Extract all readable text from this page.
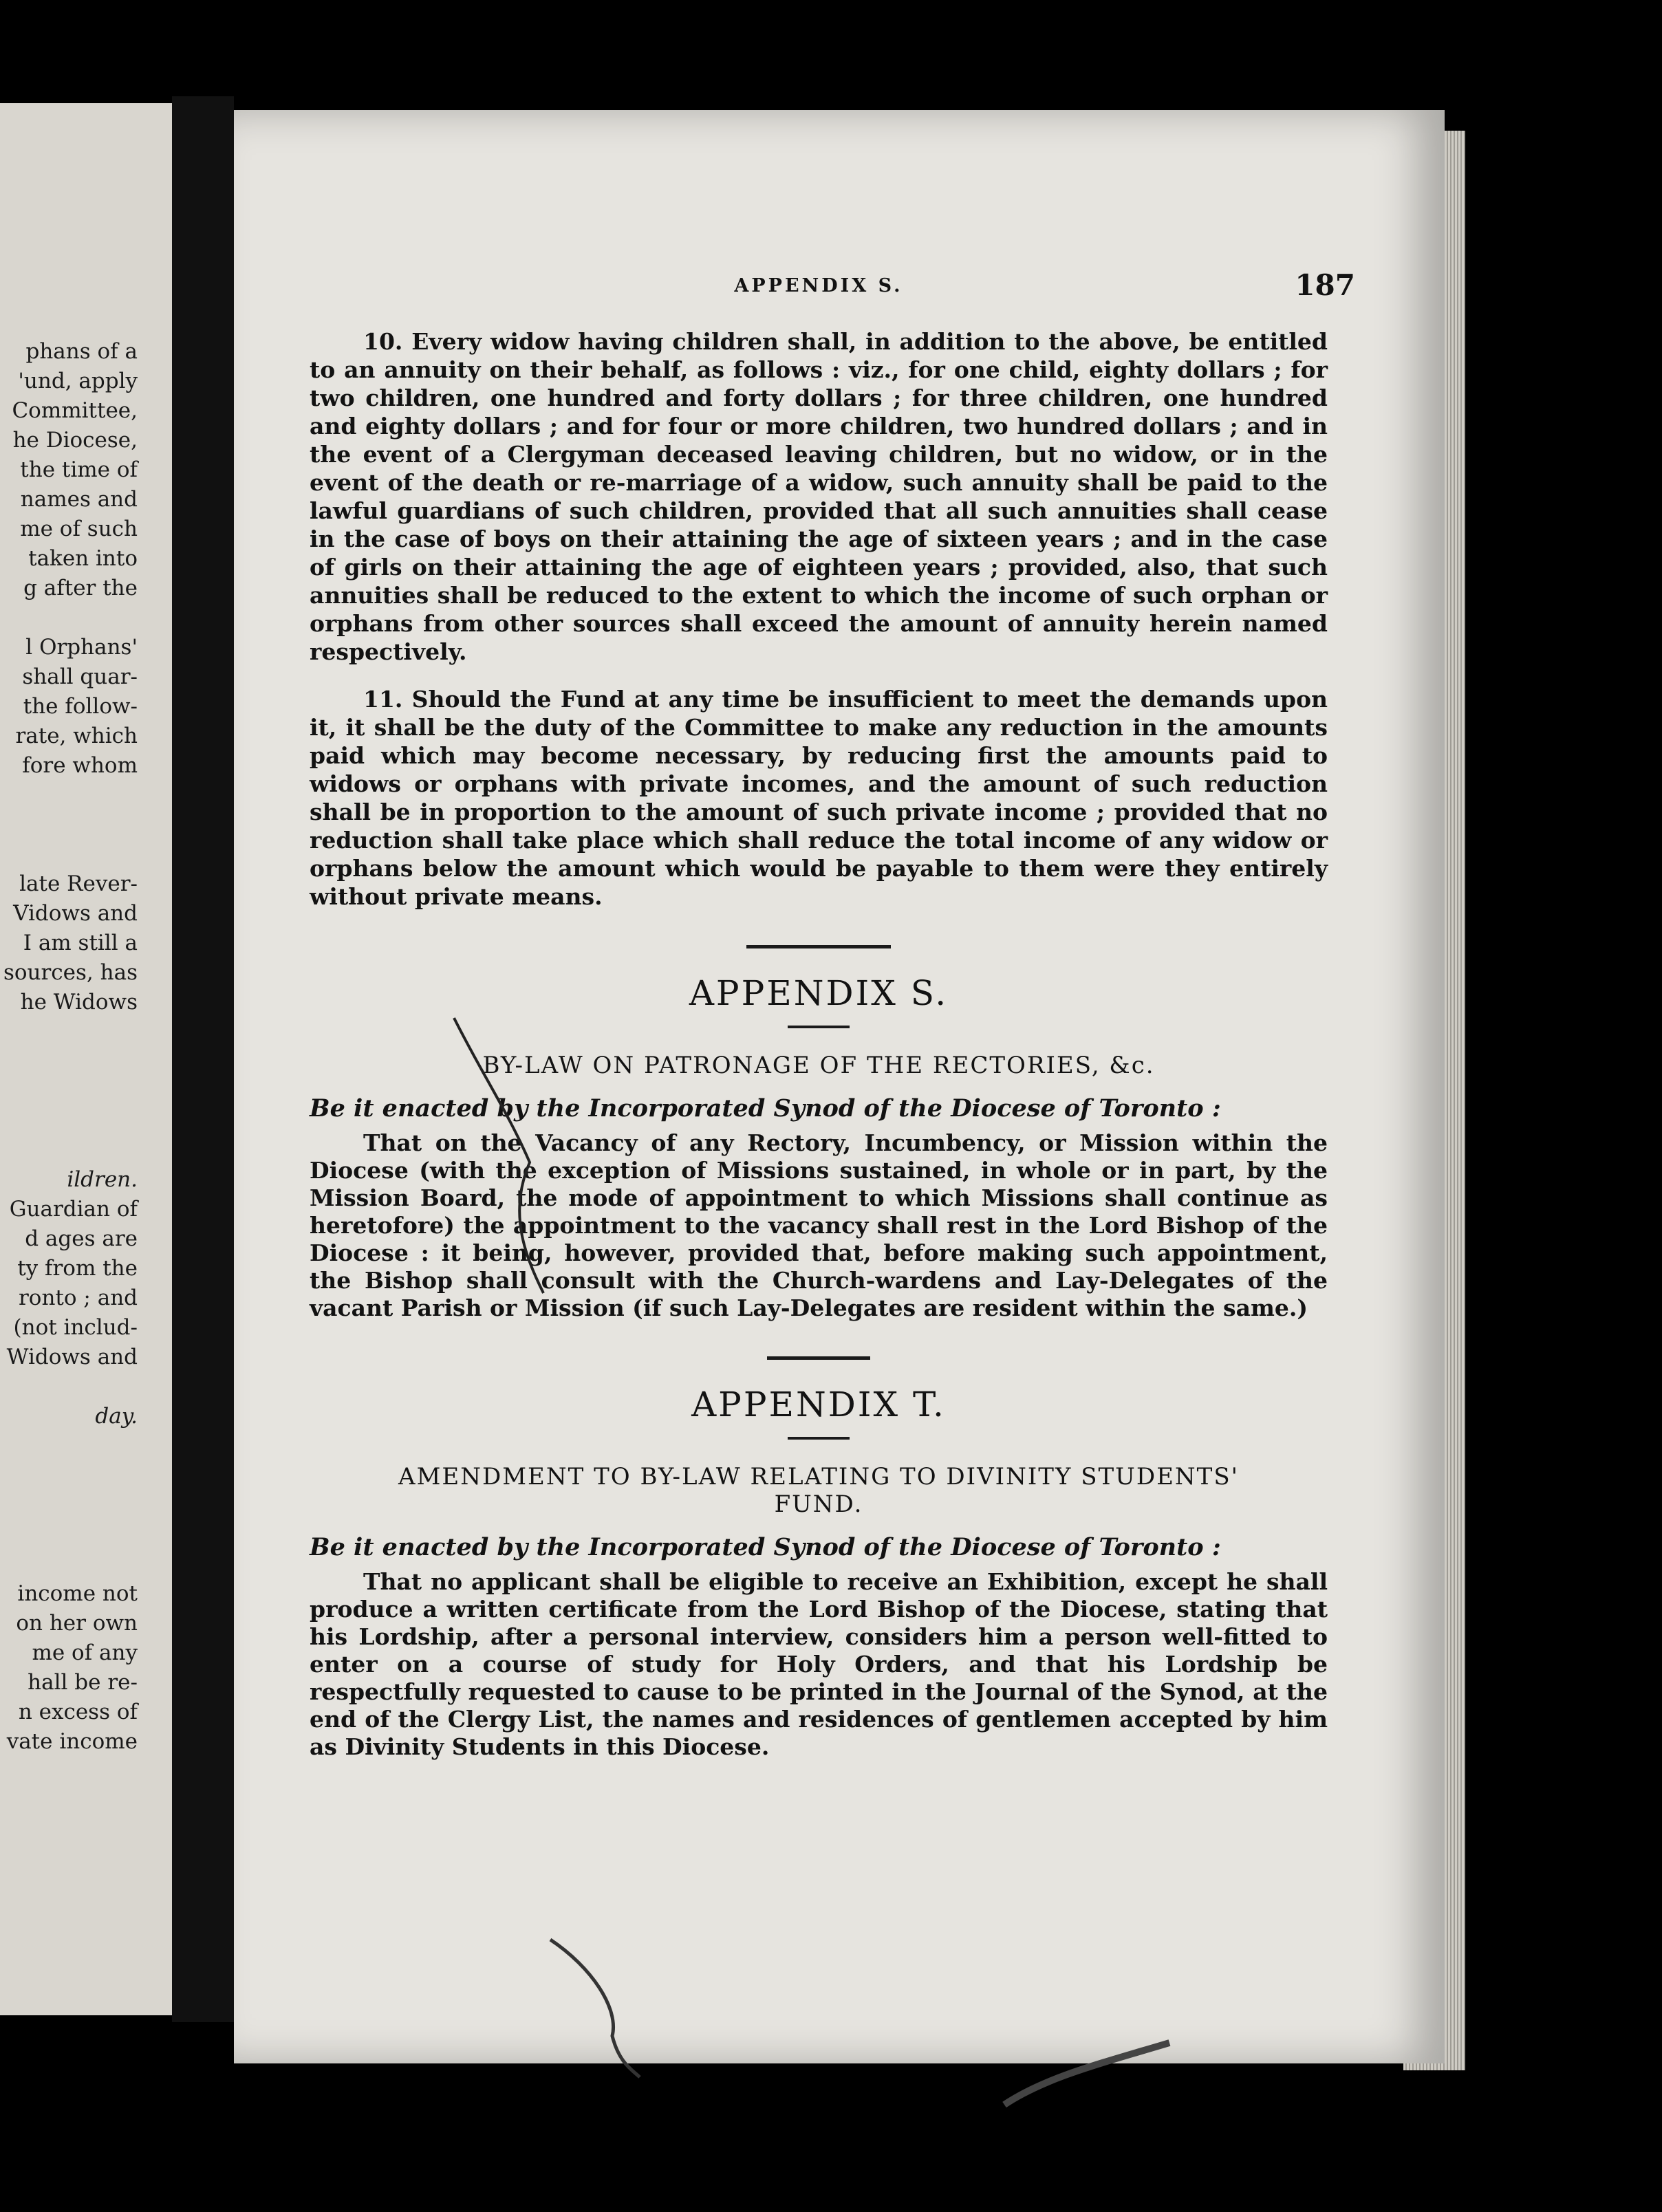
phans of a
'und, apply
Committee,
he Diocese,
the time of
names and
me of such
taken into
g after the
l Orphans'
shall quar-
the follow-
rate, which
fore whom
late Rever-
Vidows and
I am still a
sources, has
he Widows
ildren.
Guardian of
d ages are
ty from the
ronto ; and
(not includ-
Widows and
day.
income not
on her own
me of any
hall be re-
n excess of
vate income
APPENDIX S.	187

10. Every widow having children shall, in addition to the above, be entitled to an annuity on their behalf, as follows : viz., for one child, eighty dollars ; for two children, one hundred and forty dollars ; for three children, one hundred and eighty dollars ; and for four or more children, two hundred dollars ; and in the event of a Clergyman deceased leaving children, but no widow, or in the event of the death or re-marriage of a widow, such annuity shall be paid to the lawful guardians of such children, provided that all such annuities shall cease in the case of boys on their attaining the age of sixteen years ; and in the case of girls on their attaining the age of eighteen years ; provided, also, that such annuities shall be reduced to the extent to which the income of such orphan or orphans from other sources shall exceed the amount of annuity herein named respectively.

11. Should the Fund at any time be insufficient to meet the demands upon it, it shall be the duty of the Committee to make any reduction in the amounts paid which may become necessary, by reducing first the amounts paid to widows or orphans with private incomes, and the amount of such reduction shall be in proportion to the amount of such private income ; provided that no reduction shall take place which shall reduce the total income of any widow or orphans below the amount which would be payable to them were they entirely without private means.

APPENDIX S.
BY-LAW ON PATRONAGE OF THE RECTORIES, &c.
Be it enacted by the Incorporated Synod of the Diocese of Toronto :

That on the Vacancy of any Rectory, Incumbency, or Mission within the Diocese (with the exception of Missions sustained, in whole or in part, by the Mission Board, the mode of appointment to which Missions shall continue as heretofore) the appointment to the vacancy shall rest in the Lord Bishop of the Diocese : it being, however, provided that, before making such appointment, the Bishop shall consult with the Church-wardens and Lay-Delegates of the vacant Parish or Mission (if such Lay-Delegates are resident within the same.)

APPENDIX T.
AMENDMENT TO BY-LAW RELATING TO DIVINITY STUDENTS'
FUND.
Be it enacted by the Incorporated Synod of the Diocese of Toronto :

That no applicant shall be eligible to receive an Exhibition, except he shall produce a written certificate from the Lord Bishop of the Diocese, stating that his Lordship, after a personal interview, considers him a person well-fitted to enter on a course of study for Holy Orders, and that his Lordship be respectfully requested to cause to be printed in the Journal of the Synod, at the end of the Clergy List, the names and residences of gentlemen accepted by him as Divinity Students in this Diocese.
